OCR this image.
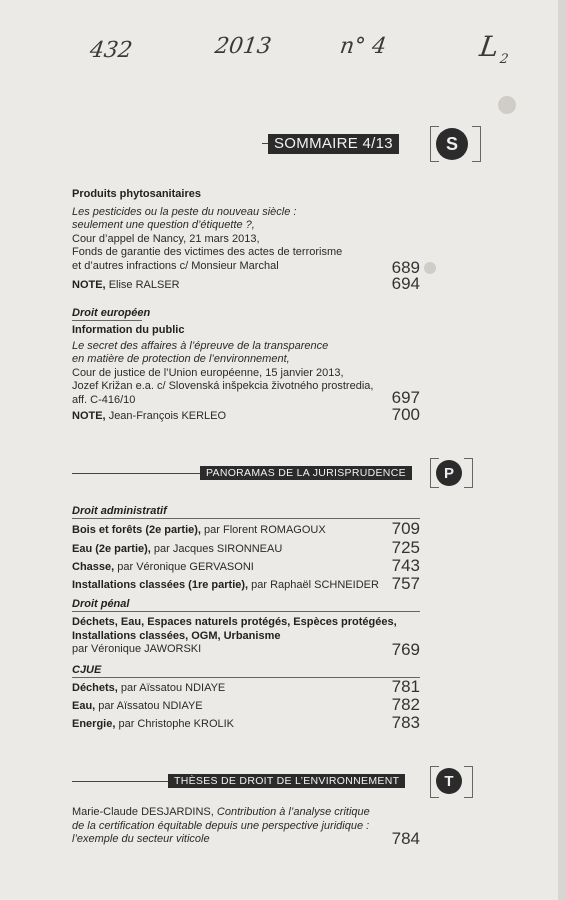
432	2013	n° 4	L
2
SOMMAIRE 4/13	S
Produits phytosanitaires
Les pesticides ou la peste du nouveau siècle :
seulement une question d’étiquette ?,
Cour d’appel de Nancy, 21 mars 2013,
Fonds de garantie des victimes des actes de terrorisme
et d’autres infractions c/ Monsieur Marchal	689
NOTE, Elise RALSER	694
Droit européen
Information du public
Le secret des affaires à l’épreuve de la transparence
en matière de protection de l’environnement,
Cour de justice de l’Union européenne, 15 janvier 2013,
Jozef Križan e.a. c/ Slovenská inšpekcia životného prostredia,
aff. C-416/10	697
NOTE, Jean-François KERLEO	700
PANORAMAS DE LA JURISPRUDENCE	P
Droit administratif
Bois et forêts (2e partie), par Florent ROMAGOUX	709
Eau (2e partie), par Jacques SIRONNEAU	725
Chasse, par Véronique GERVASONI	743
Installations classées (1re partie), par Raphaël SCHNEIDER 757
Droit pénal
Déchets, Eau, Espaces naturels protégés, Espèces protégées,
Installations classées, OGM, Urbanisme
par Véronique JAWORSKI	769
CJUE
Déchets, par Aïssatou NDIAYE	781
Eau, par Aïssatou NDIAYE	782
Energie, par Christophe KROLIK	783
THÈSES DE DROIT DE L’ENVIRONNEMENT	T
Marie-Claude DESJARDINS, Contribution à l’analyse critique
de la certification équitable depuis une perspective juridique :
l’exemple du secteur viticole	784
